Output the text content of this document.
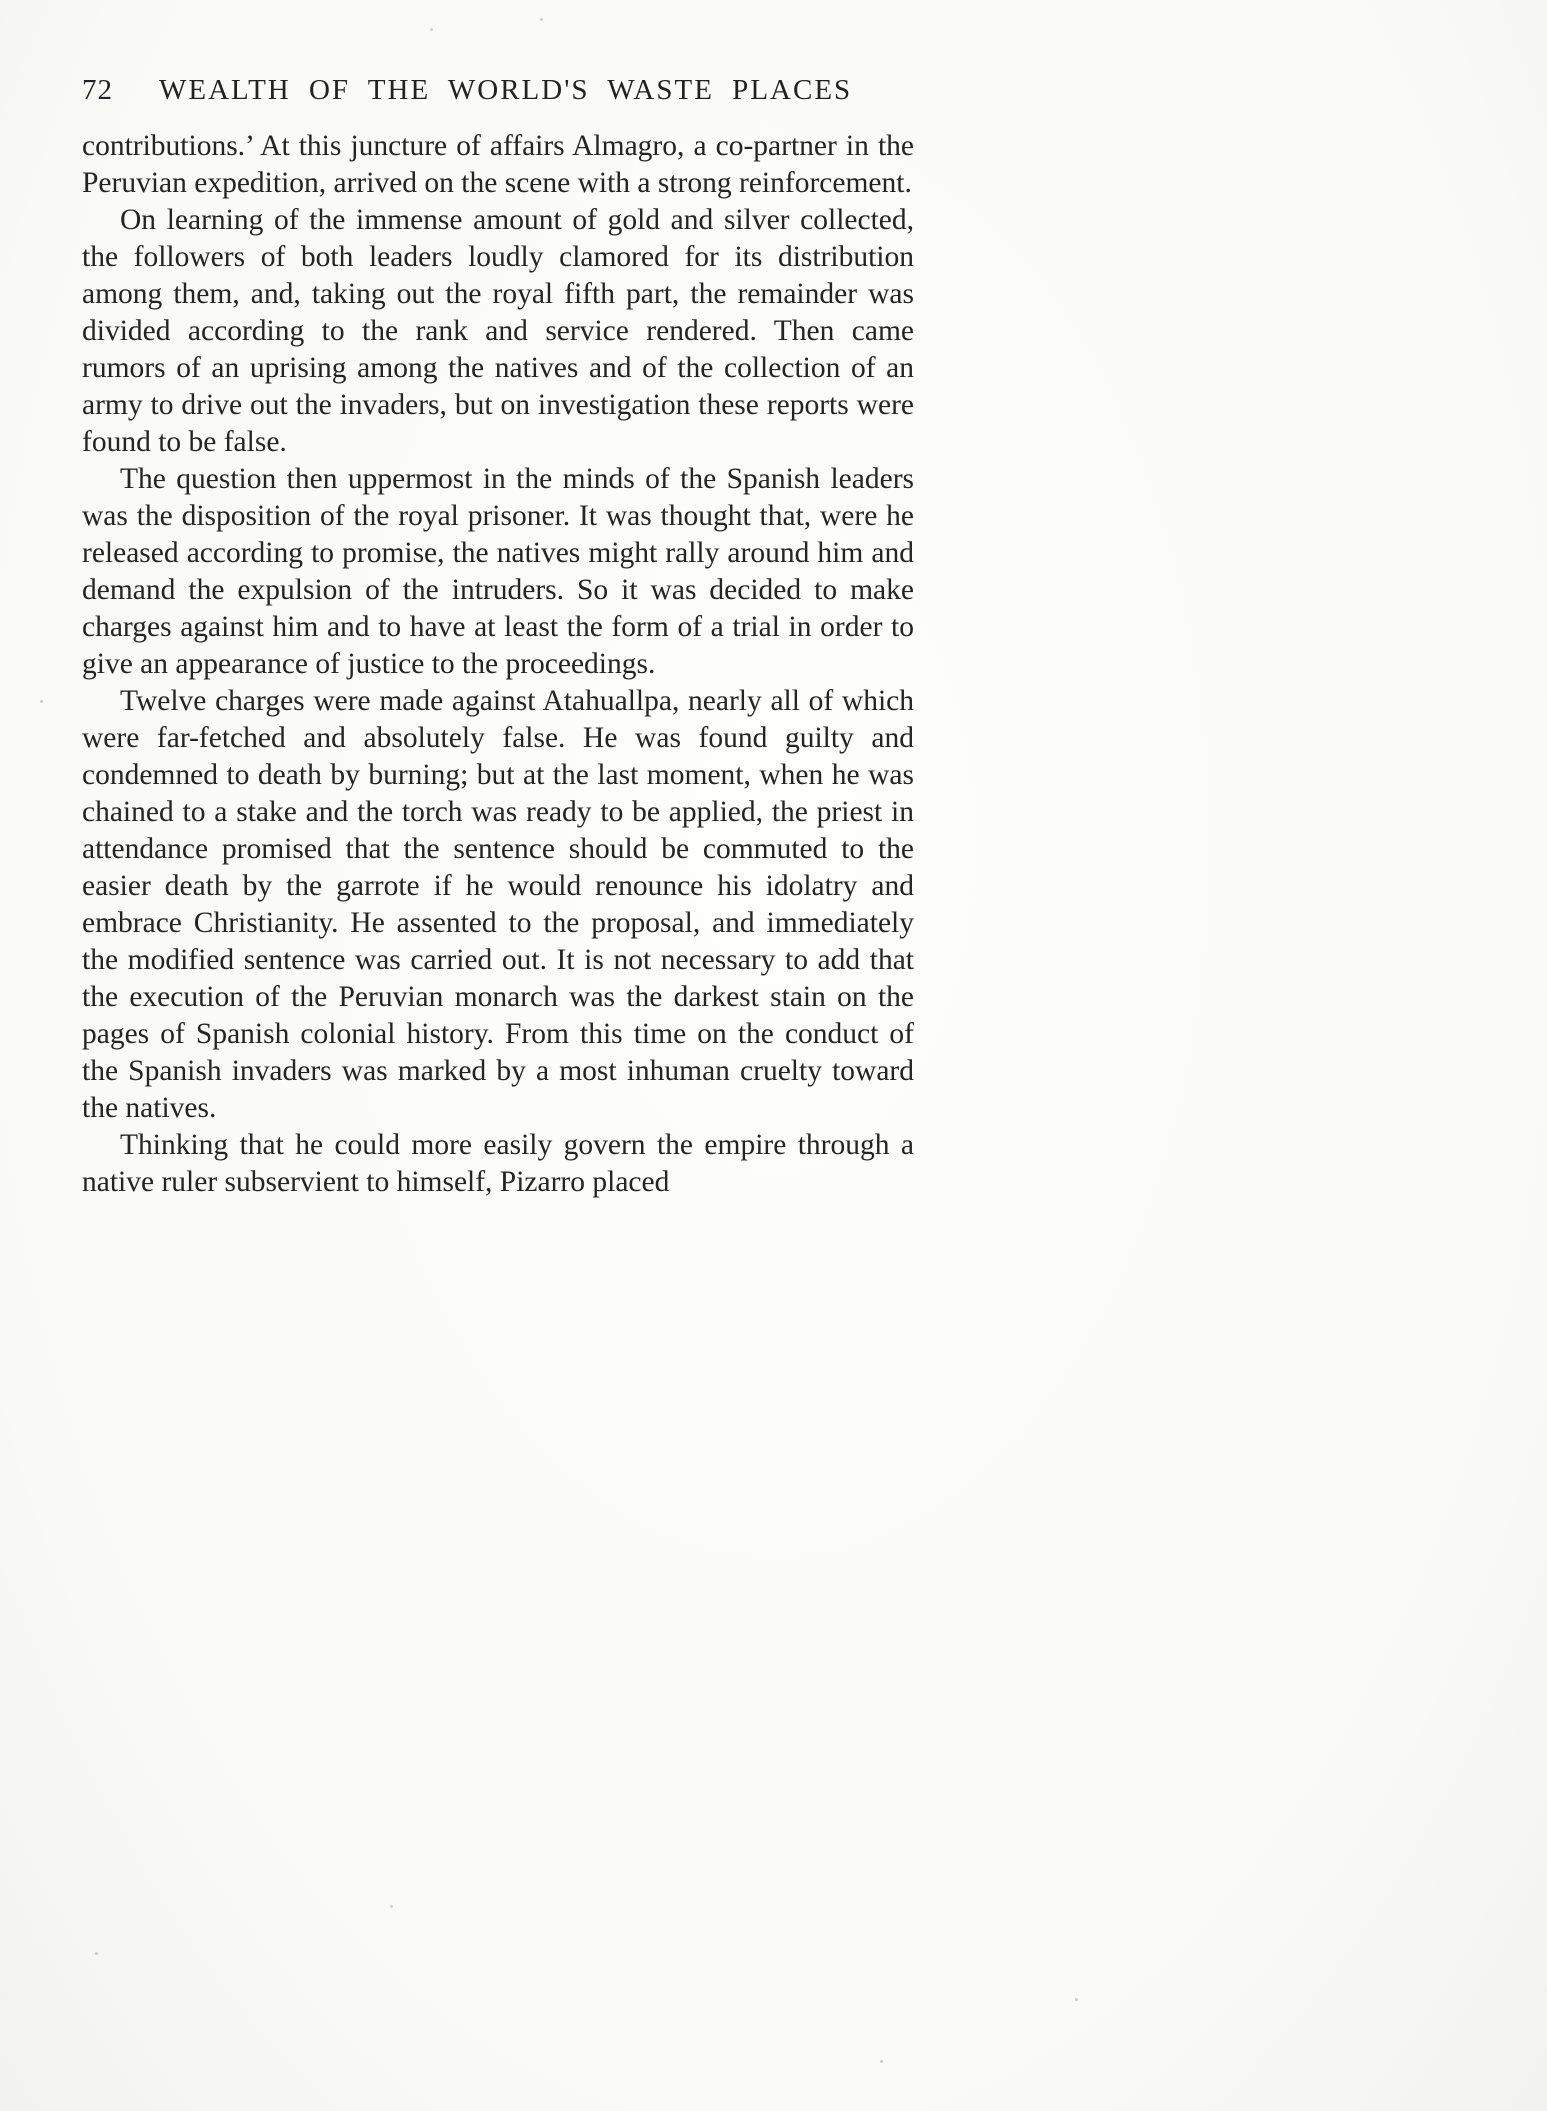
72 WEALTH OF THE WORLD'S WASTE PLACES

contributions.’ At this juncture of affairs Almagro, a co-partner in the Peruvian expedition, arrived on the scene with a strong reinforcement.

On learning of the immense amount of gold and silver collected, the followers of both leaders loudly clamored for its distribution among them, and, taking out the royal fifth part, the remainder was divided according to the rank and service rendered. Then came rumors of an uprising among the natives and of the collection of an army to drive out the invaders, but on investigation these reports were found to be false.

The question then uppermost in the minds of the Spanish leaders was the disposition of the royal prisoner. It was thought that, were he released according to promise, the natives might rally around him and demand the expulsion of the intruders. So it was decided to make charges against him and to have at least the form of a trial in order to give an appearance of justice to the proceedings.

Twelve charges were made against Atahuallpa, nearly all of which were far-fetched and absolutely false. He was found guilty and condemned to death by burning; but at the last moment, when he was chained to a stake and the torch was ready to be applied, the priest in attendance promised that the sentence should be commuted to the easier death by the garrote if he would renounce his idolatry and embrace Christianity. He assented to the proposal, and immediately the modified sentence was carried out. It is not necessary to add that the execution of the Peruvian monarch was the darkest stain on the pages of Spanish colonial history. From this time on the conduct of the Spanish invaders was marked by a most inhuman cruelty toward the natives.

Thinking that he could more easily govern the empire through a native ruler subservient to himself, Pizarro placed
